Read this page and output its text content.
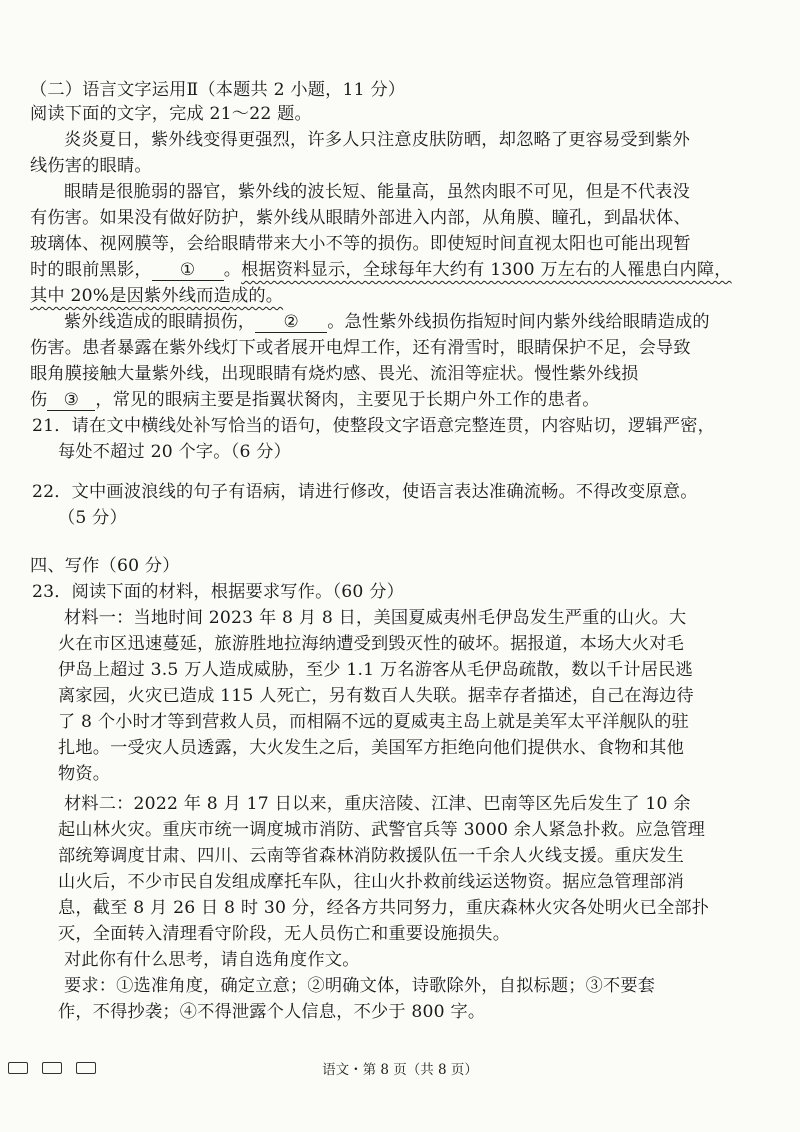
（二）语言文字运用Ⅱ（本题共 2 小题，11 分）
阅读下面的文字，完成 21～22 题。
炎炎夏日，紫外线变得更强烈，许多人只注意皮肤防晒，却忽略了更容易受到紫外
线伤害的眼睛。
眼睛是很脆弱的器官，紫外线的波长短、能量高，虽然肉眼不可见，但是不代表没
有伤害。如果没有做好防护，紫外线从眼睛外部进入内部，从角膜、瞳孔，到晶状体、
玻璃体、视网膜等，会给眼睛带来大小不等的损伤。即使短时间直视太阳也可能出现暂
时的眼前黑影， ① 。根据资料显示，全球每年大约有 1300 万左右的人罹患白内障，
其中 20%是因紫外线而造成的。
紫外线造成的眼睛损伤， ② 。急性紫外线损伤指短时间内紫外线给眼睛造成的
伤害。患者暴露在紫外线灯下或者展开电焊工作，还有滑雪时，眼睛保护不足，会导致
眼角膜接触大量紫外线，出现眼睛有烧灼感、畏光、流泪等症状。慢性紫外线损
伤 ③ ，常见的眼病主要是指翼状胬肉，主要见于长期户外工作的患者。
21．请在文中横线处补写恰当的语句，使整段文字语意完整连贯，内容贴切，逻辑严密，
每处不超过 20 个字。（6 分）
22．文中画波浪线的句子有语病，请进行修改，使语言表达准确流畅。不得改变原意。
（5 分）
四、写作（60 分）
23．阅读下面的材料，根据要求写作。（60 分）
材料一：当地时间 2023 年 8 月 8 日，美国夏威夷州毛伊岛发生严重的山火。大
火在市区迅速蔓延，旅游胜地拉海纳遭受到毁灭性的破坏。据报道，本场大火对毛
伊岛上超过 3.5 万人造成威胁，至少 1.1 万名游客从毛伊岛疏散，数以千计居民逃
离家园，火灾已造成 115 人死亡，另有数百人失联。据幸存者描述，自己在海边待
了 8 个小时才等到营救人员，而相隔不远的夏威夷主岛上就是美军太平洋舰队的驻
扎地。一受灾人员透露，大火发生之后，美国军方拒绝向他们提供水、食物和其他
物资。
材料二：2022 年 8 月 17 日以来，重庆涪陵、江津、巴南等区先后发生了 10 余
起山林火灾。重庆市统一调度城市消防、武警官兵等 3000 余人紧急扑救。应急管理
部统筹调度甘肃、四川、云南等省森林消防救援队伍一千余人火线支援。重庆发生
山火后，不少市民自发组成摩托车队，往山火扑救前线运送物资。据应急管理部消
息，截至 8 月 26 日 8 时 30 分，经各方共同努力，重庆森林火灾各处明火已全部扑
灭，全面转入清理看守阶段，无人员伤亡和重要设施损失。
对此你有什么思考，请自选角度作文。
要求：①选准角度，确定立意；②明确文体，诗歌除外，自拟标题；③不要套
作，不得抄袭；④不得泄露个人信息，不少于 800 字。
语文・第 8 页（共 8 页）
